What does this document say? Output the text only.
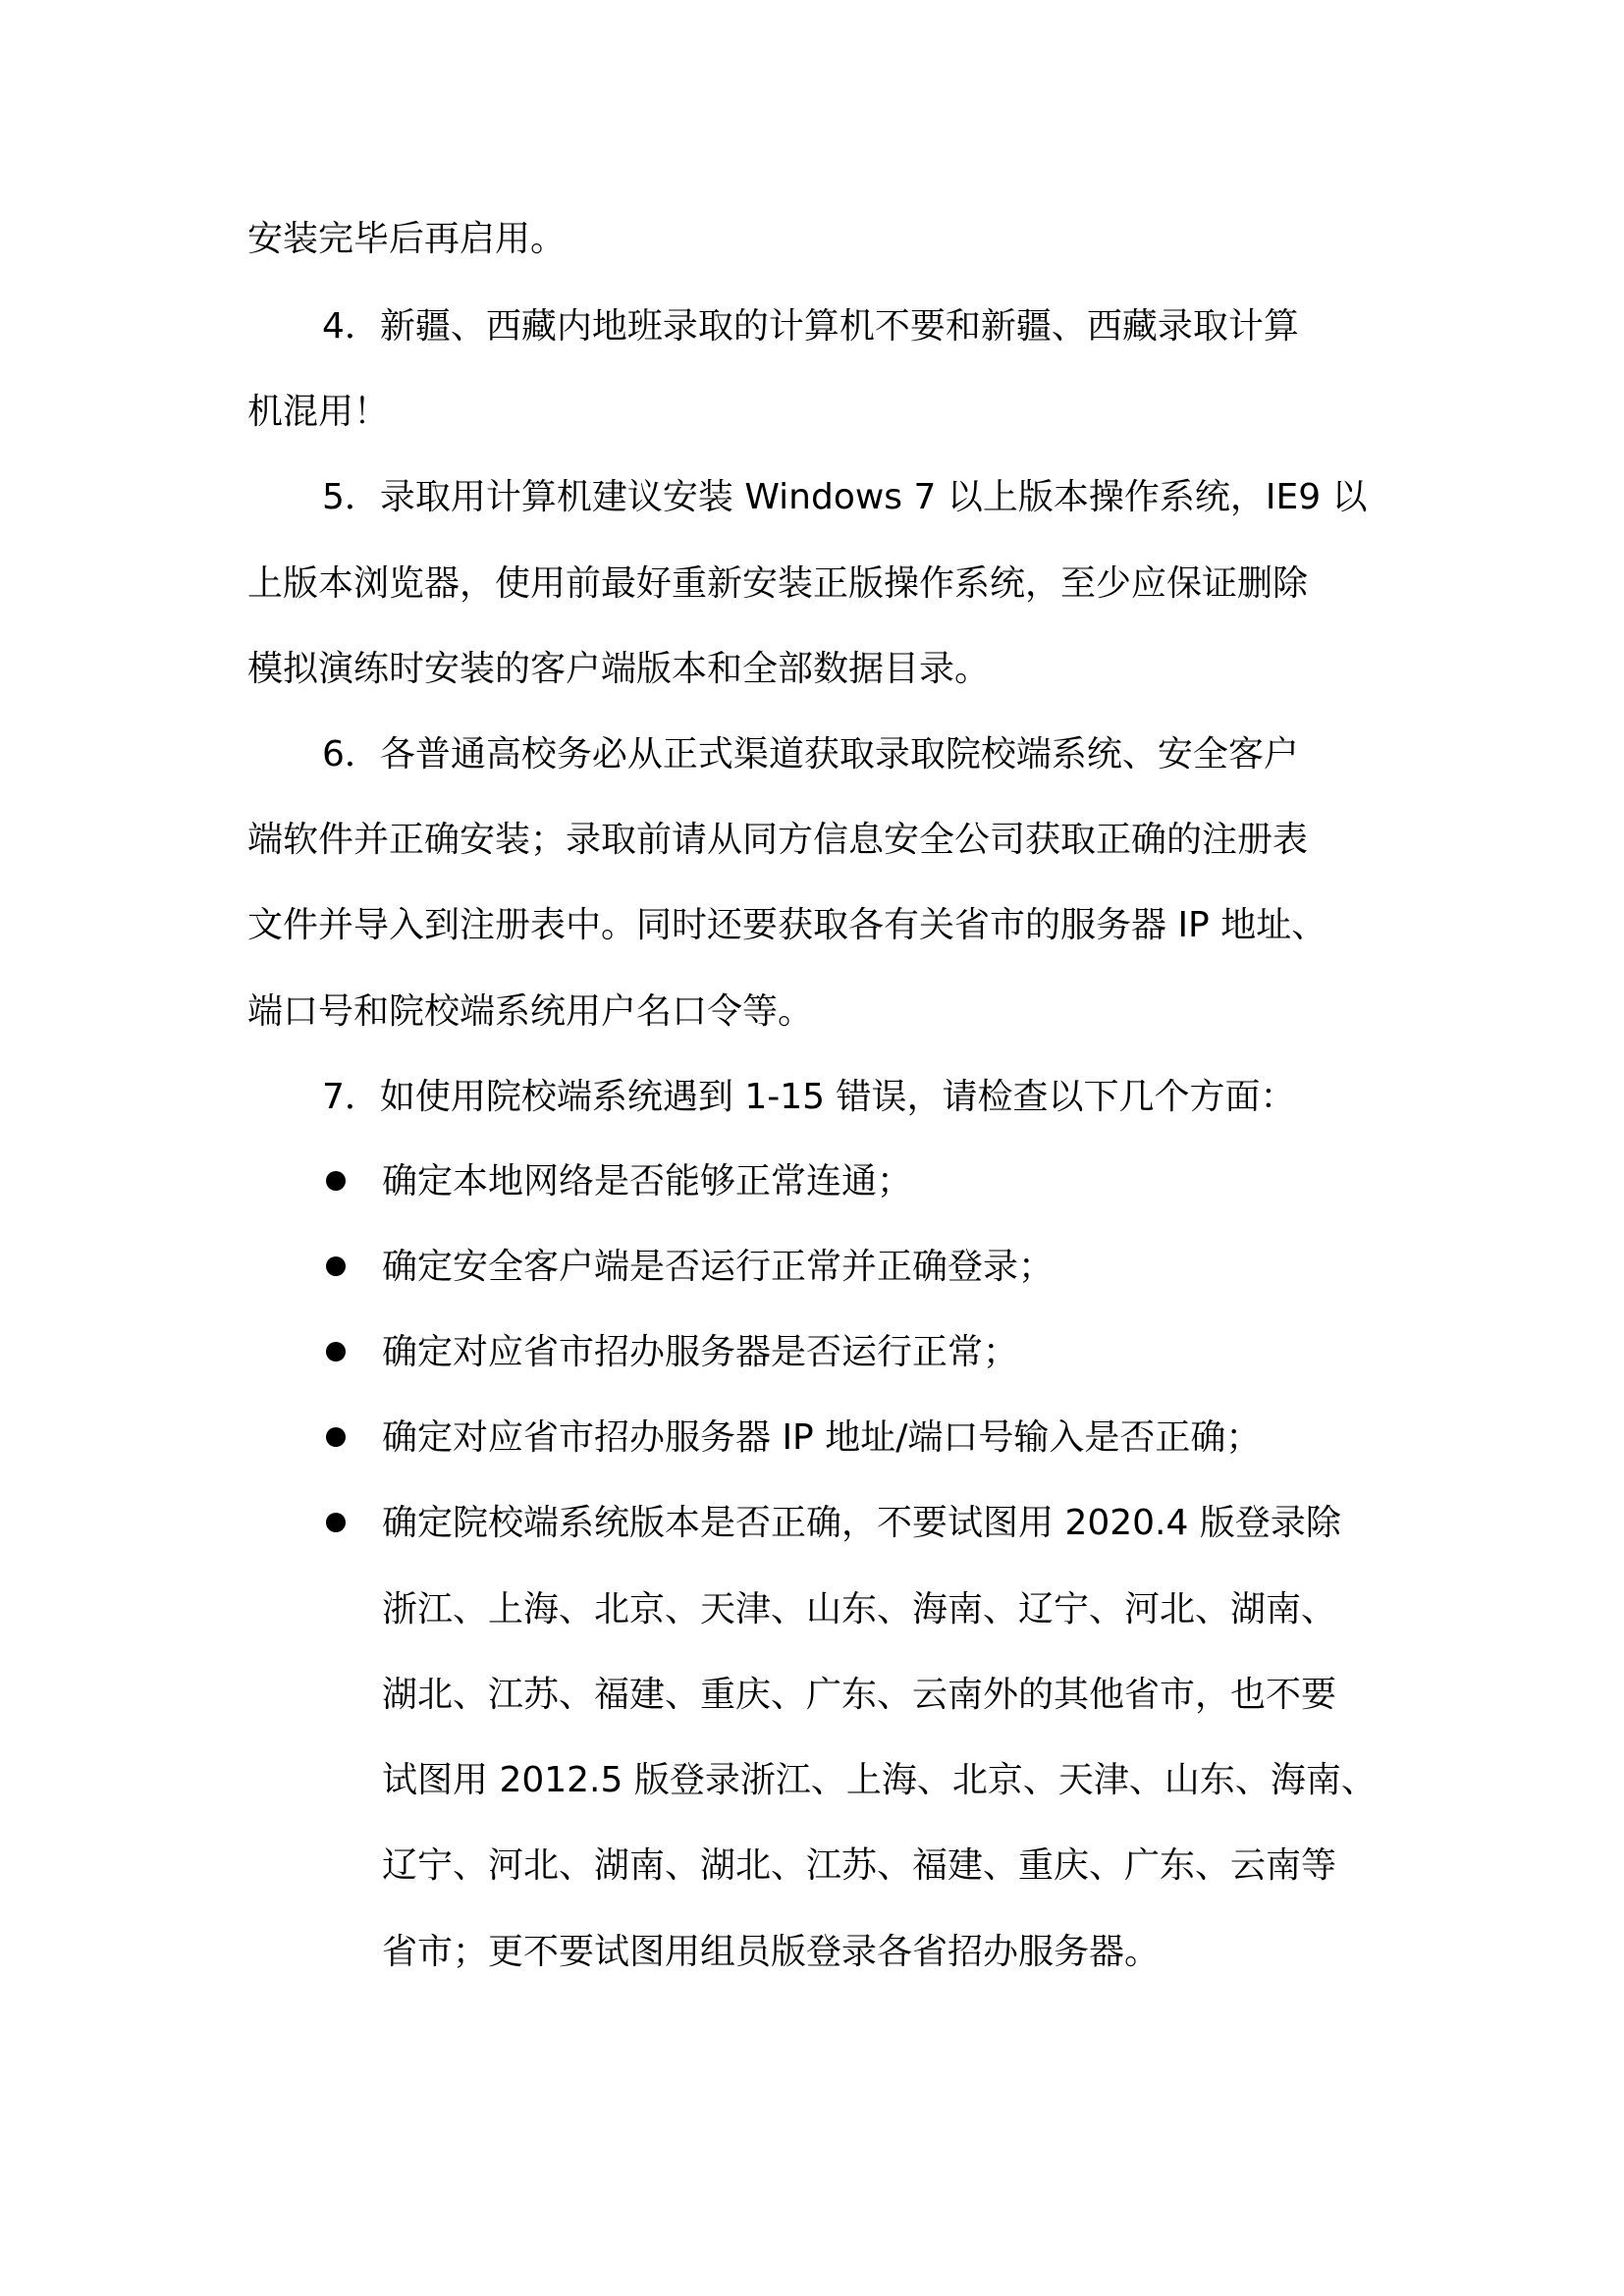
安装完毕后再启用。

4．新疆、西藏内地班录取的计算机不要和新疆、西藏录取计算

机混用！

5．录取用计算机建议安装 Windows 7 以上版本操作系统，IE9 以

上版本浏览器，使用前最好重新安装正版操作系统，至少应保证删除

模拟演练时安装的客户端版本和全部数据目录。

6．各普通高校务必从正式渠道获取录取院校端系统、安全客户

端软件并正确安装；录取前请从同方信息安全公司获取正确的注册表

文件并导入到注册表中。同时还要获取各有关省市的服务器 IP 地址、

端口号和院校端系统用户名口令等。

7．如使用院校端系统遇到 1-15 错误，请检查以下几个方面：

确定本地网络是否能够正常连通；

确定安全客户端是否运行正常并正确登录；

确定对应省市招办服务器是否运行正常；

确定对应省市招办服务器 IP 地址/端口号输入是否正确；

确定院校端系统版本是否正确，不要试图用 2020.4 版登录除

浙江、上海、北京、天津、山东、海南、辽宁、河北、湖南、

湖北、江苏、福建、重庆、广东、云南外的其他省市，也不要

试图用 2012.5 版登录浙江、上海、北京、天津、山东、海南、

辽宁、河北、湖南、湖北、江苏、福建、重庆、广东、云南等

省市；更不要试图用组员版登录各省招办服务器。
